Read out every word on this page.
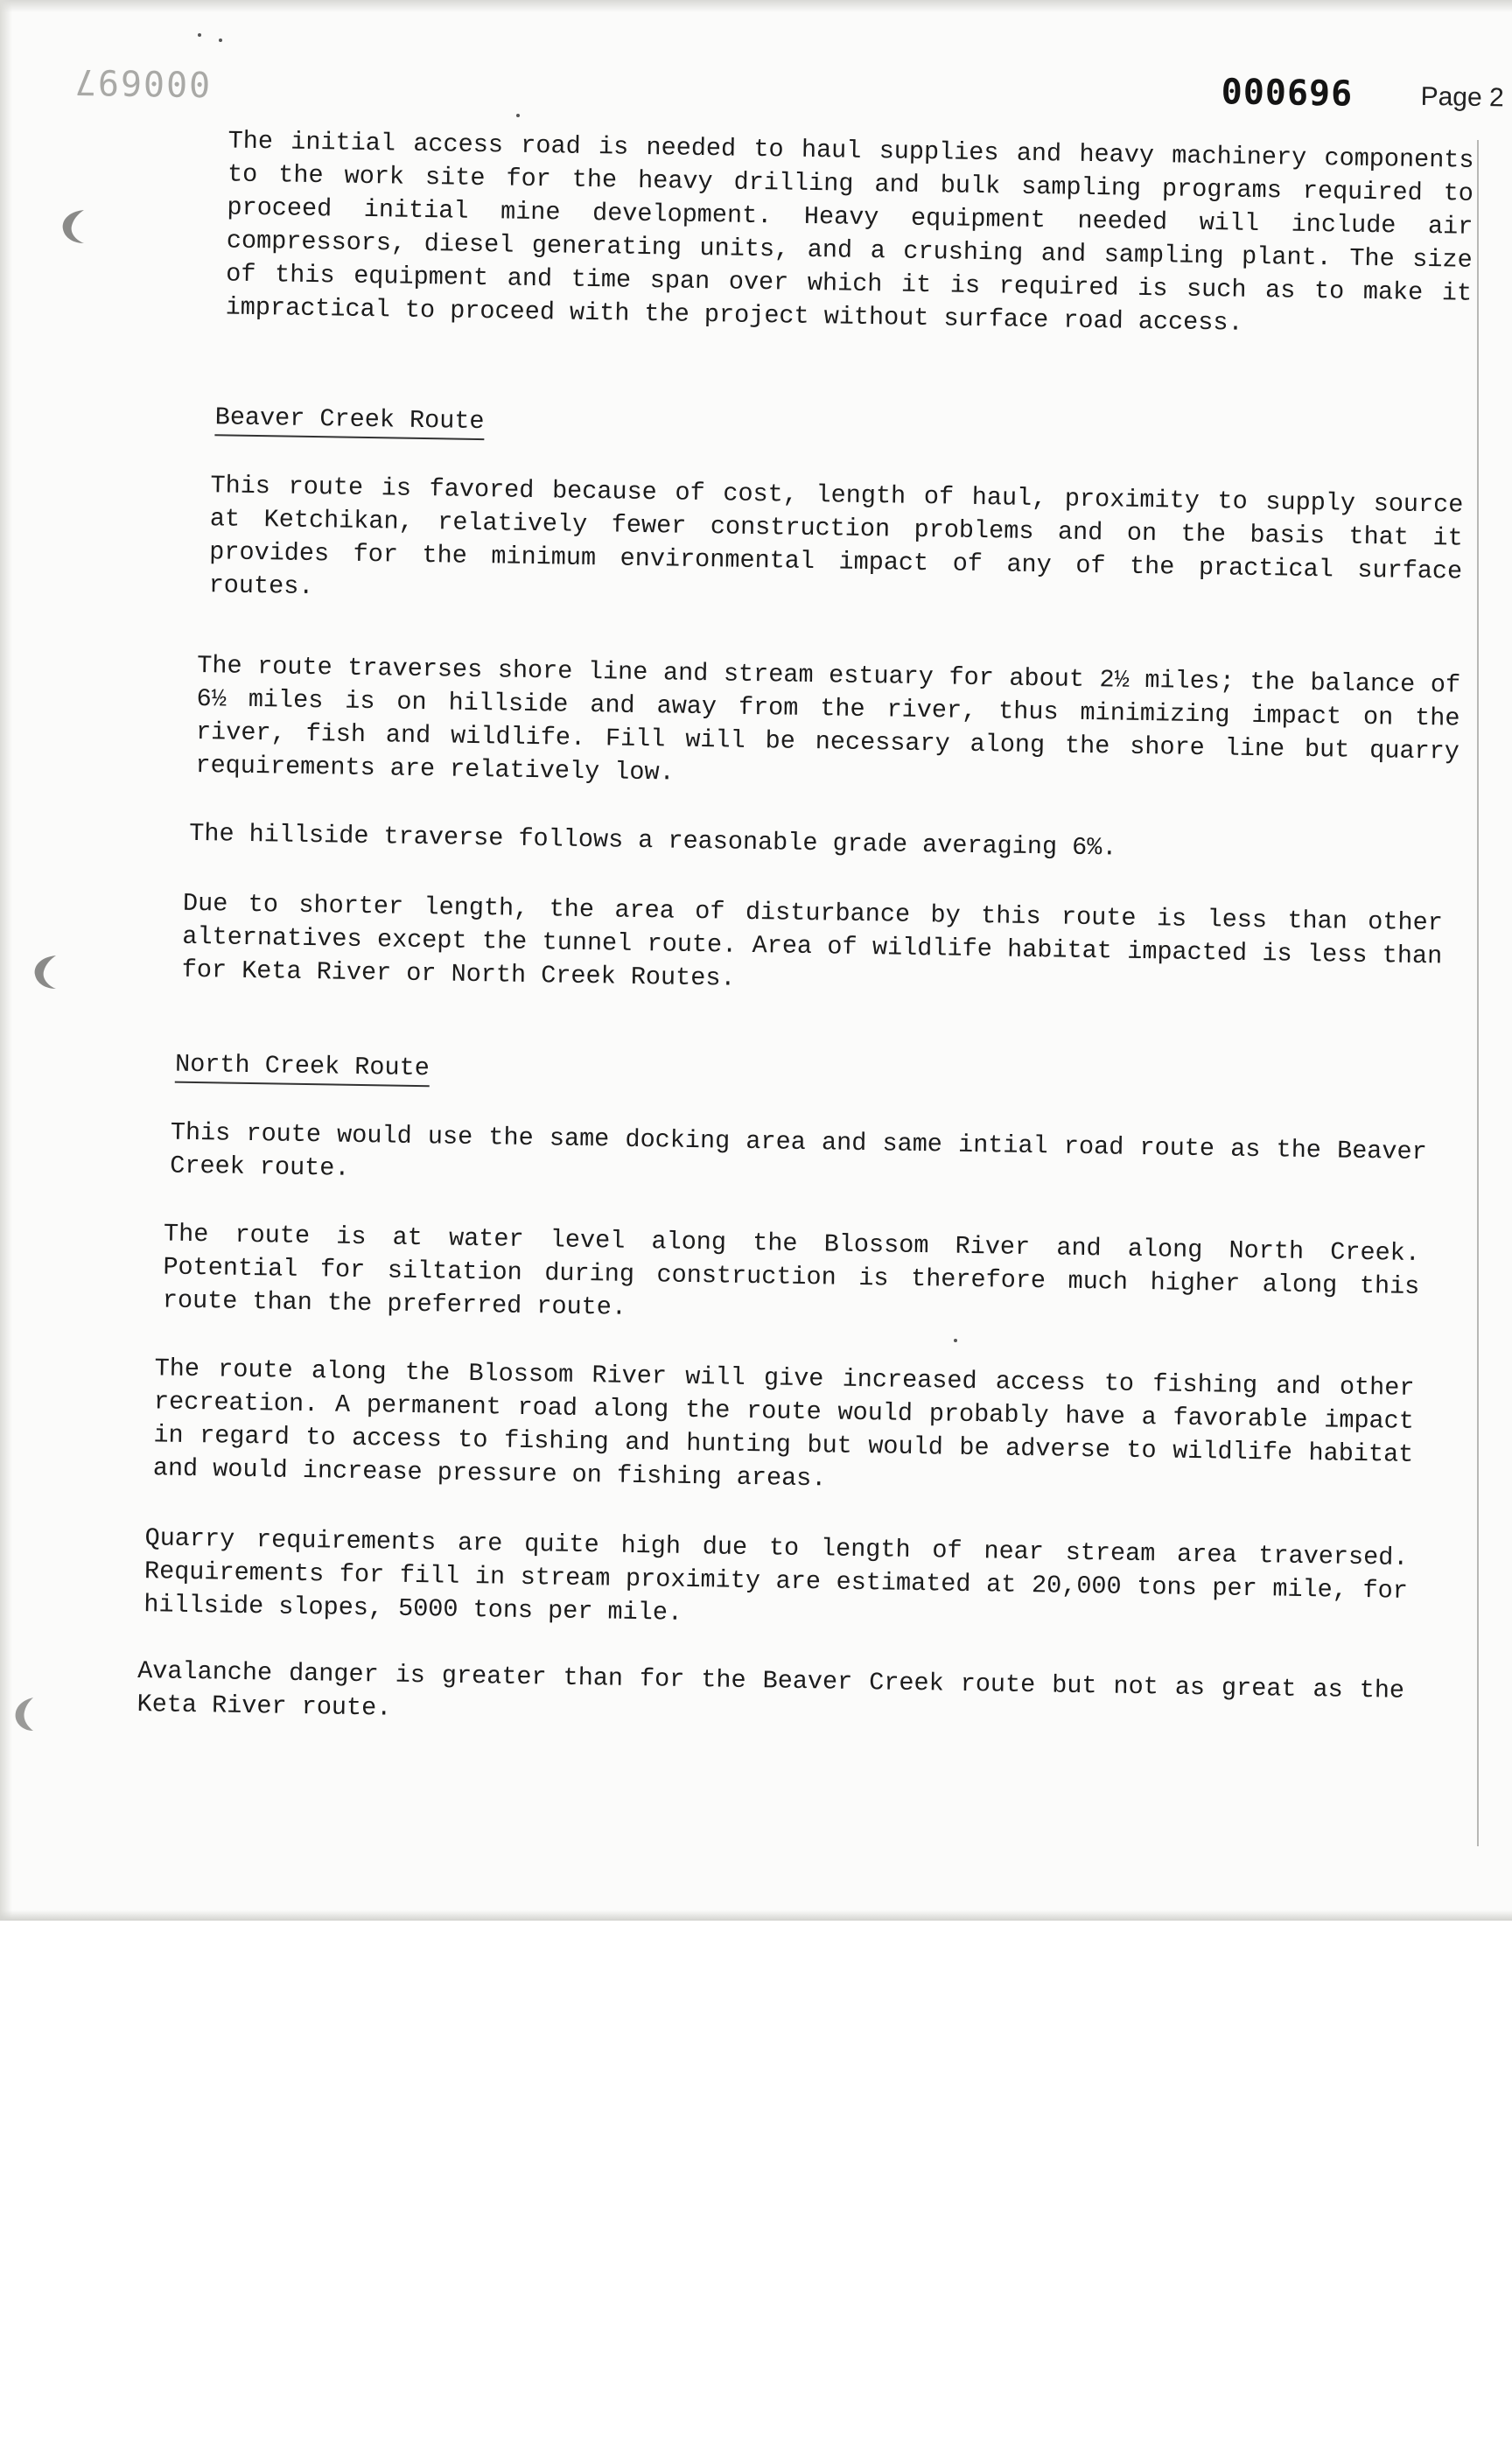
000697	000696	Page 2

The initial access road is needed to haul supplies and heavy machinery components to the work site for the heavy drilling and bulk sampling programs required to proceed initial mine development. Heavy equipment needed will include air compressors, diesel generating units, and a crushing and sampling plant. The size of this equipment and time span over which it is required is such as to make it impractical to proceed with the project without surface road access.

Beaver Creek Route

This route is favored because of cost, length of haul, proximity to supply source at Ketchikan, relatively fewer construction problems and on the basis that it provides for the minimum environmental impact of any of the practical surface routes.

The route traverses shore line and stream estuary for about 2½ miles; the balance of 6½ miles is on hillside and away from the river, thus minimizing impact on the river, fish and wildlife. Fill will be necessary along the shore line but quarry requirements are relatively low.

The hillside traverse follows a reasonable grade averaging 6%.

Due to shorter length, the area of disturbance by this route is less than other alternatives except the tunnel route. Area of wildlife habitat impacted is less than for Keta River or North Creek Routes.

North Creek Route

This route would use the same docking area and same intial road route as the Beaver Creek route.

The route is at water level along the Blossom River and along North Creek. Potential for siltation during construction is therefore much higher along this route than the preferred route.

The route along the Blossom River will give increased access to fishing and other recreation. A permanent road along the route would probably have a favorable impact in regard to access to fishing and hunting but would be adverse to wildlife habitat and would increase pressure on fishing areas.

Quarry requirements are quite high due to length of near stream area traversed. Requirements for fill in stream proximity are estimated at 20,000 tons per mile, for hillside slopes, 5000 tons per mile.

Avalanche danger is greater than for the Beaver Creek route but not as great as the Keta River route.
